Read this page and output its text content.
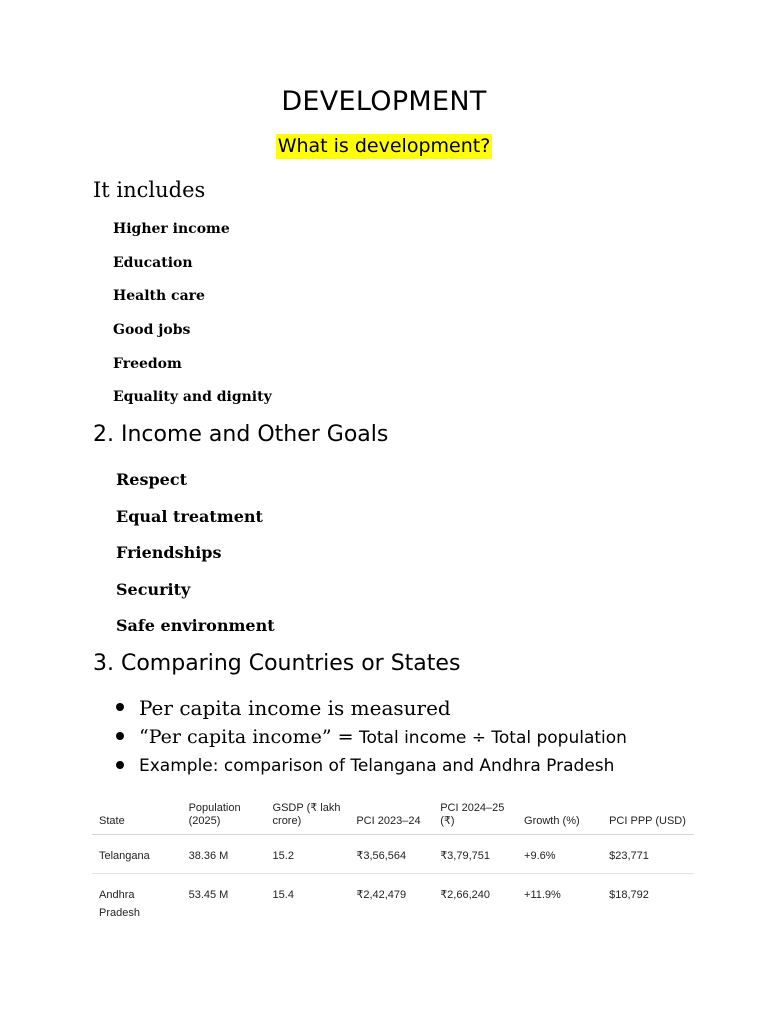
DEVELOPMENT
What is development?
It includes
Higher income
Education
Health care
Good jobs
Freedom
Equality and dignity
2. Income and Other Goals
Respect
Equal treatment
Friendships
Security
Safe environment
3. Comparing Countries or States
Per capita income is measured
“Per capita income” = Total income ÷ Total population
Example: comparison of Telangana and Andhra Pradesh
State	Population (2025)	GSDP (₹ lakh crore)	PCI 2023–24	PCI 2024–25 (₹)	Growth (%)	PCI PPP (USD)
Telangana	38.36 M	15.2	₹3,56,564	₹3,79,751	+9.6%	$23,771
Andhra Pradesh	53.45 M	15.4	₹2,42,479	₹2,66,240	+11.9%	$18,792
